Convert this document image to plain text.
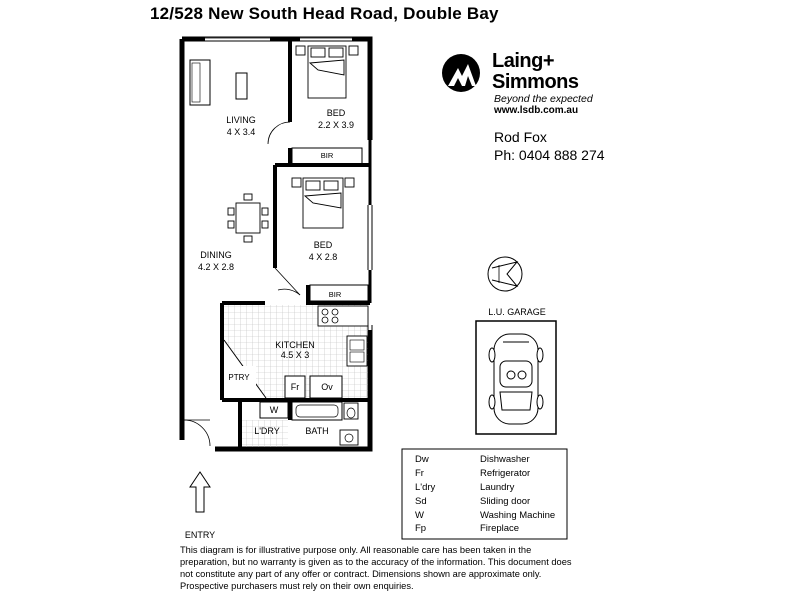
12/528 New South Head Road, Double Bay
LIVING
4 X 3.4
BED
2.2 X 3.9
BIR
BED
4 X 2.8
BIR
DINING
4.2 X 2.8
KITCHEN
4.5 X 3
PTRY
Fr Ov
W
L'DRY	BATH
ENTRY
L.U. GARAGE
Laing+
Simmons
Beyond the expected
www.lsdb.com.au
Rod Fox
Ph: 0404 888 274
Dw	Dishwasher
Fr	Refrigerator
L'dry	Laundry
Sd	Sliding door
W	Washing Machine
Fp	Fireplace
This diagram is for illustrative purpose only. All reasonable care has been taken in the preparation, but no warranty is given as to the accuracy of the information. This document does not constitute any part of any offer or contract. Dimensions shown are approximate only. Prospective purchasers must rely on their own enquiries.
